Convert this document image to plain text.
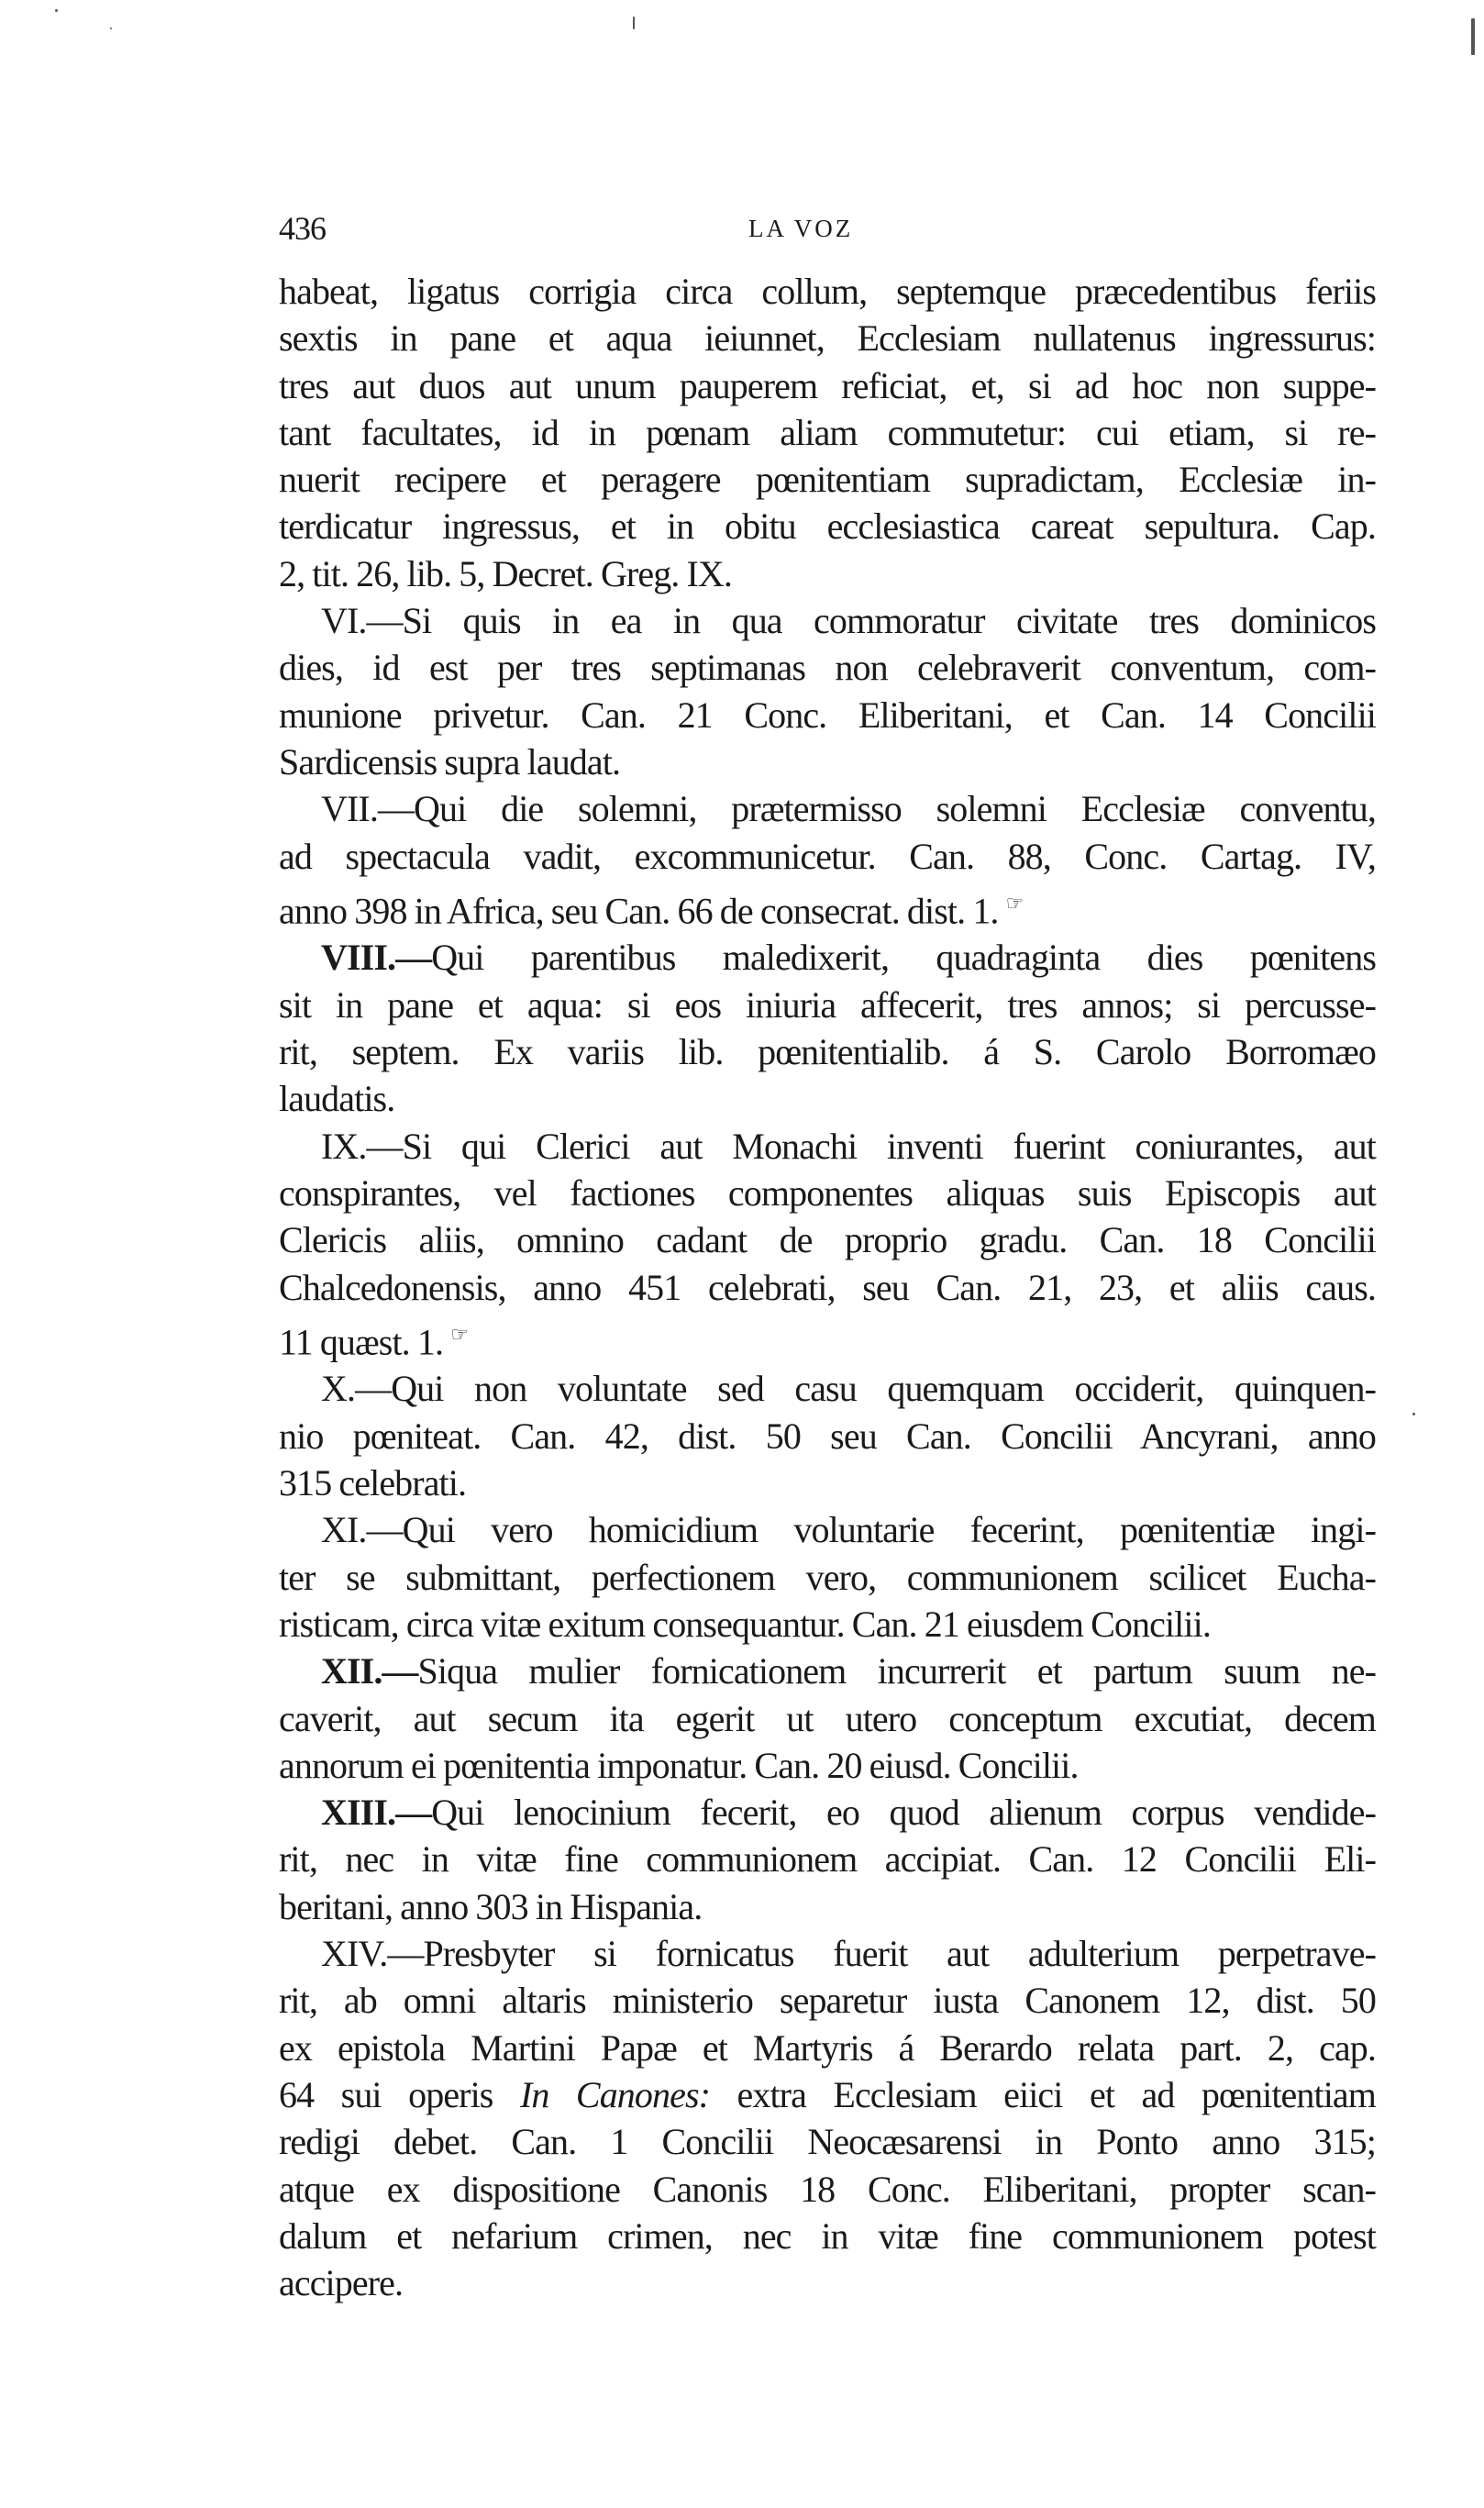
436	LA VOZ
habeat, ligatus corrigia circa collum, septemque præcedentibus feriis
sextis in pane et aqua ieiunnet, Ecclesiam nullatenus ingressurus:
tres aut duos aut unum pauperem reficiat, et, si ad hoc non suppe-
tant facultates, id in pœnam aliam commutetur: cui etiam, si re-
nuerit recipere et peragere pœnitentiam supradictam, Ecclesiæ in-
terdicatur ingressus, et in obitu ecclesiastica careat sepultura. Cap.
2, tit. 26, lib. 5, Decret. Greg. IX.
VI.—Si quis in ea in qua commoratur civitate tres dominicos
dies, id est per tres septimanas non celebraverit conventum, com-
munione privetur. Can. 21 Conc. Eliberitani, et Can. 14 Concilii
Sardicensis supra laudat.
VII.—Qui die solemni, prætermisso solemni Ecclesiæ conventu,
ad spectacula vadit, excommunicetur. Can. 88, Conc. Cartag. IV,
anno 398 in Africa, seu Can. 66 de consecrat. dist. 1. ☞
VIII.—Qui parentibus maledixerit, quadraginta dies pœnitens
sit in pane et aqua: si eos iniuria affecerit, tres annos; si percusse-
rit, septem. Ex variis lib. pœnitentialib. á S. Carolo Borromæo
laudatis.
IX.—Si qui Clerici aut Monachi inventi fuerint coniurantes, aut
conspirantes, vel factiones componentes aliquas suis Episcopis aut
Clericis aliis, omnino cadant de proprio gradu. Can. 18 Concilii
Chalcedonensis, anno 451 celebrati, seu Can. 21, 23, et aliis caus.
11 quæst. 1. ☞
X.—Qui non voluntate sed casu quemquam occiderit, quinquen-
nio pœniteat. Can. 42, dist. 50 seu Can. Concilii Ancyrani, anno
315 celebrati.
XI.—Qui vero homicidium voluntarie fecerint, pœnitentiæ ingi-
ter se submittant, perfectionem vero, communionem scilicet Eucha-
risticam, circa vitæ exitum consequantur. Can. 21 eiusdem Concilii.
XII.—Siqua mulier fornicationem incurrerit et partum suum ne-
caverit, aut secum ita egerit ut utero conceptum excutiat, decem
annorum ei pœnitentia imponatur. Can. 20 eiusd. Concilii.
XIII.—Qui lenocinium fecerit, eo quod alienum corpus vendide-
rit, nec in vitæ fine communionem accipiat. Can. 12 Concilii Eli-
beritani, anno 303 in Hispania.
XIV.—Presbyter si fornicatus fuerit aut adulterium perpetrave-
rit, ab omni altaris ministerio separetur iusta Canonem 12, dist. 50
ex epistola Martini Papæ et Martyris á Berardo relata part. 2, cap.
64 sui operis In Canones: extra Ecclesiam eiici et ad pœnitentiam
redigi debet. Can. 1 Concilii Neocæsarensi in Ponto anno 315;
atque ex dispositione Canonis 18 Conc. Eliberitani, propter scan-
dalum et nefarium crimen, nec in vitæ fine communionem potest
accipere.
